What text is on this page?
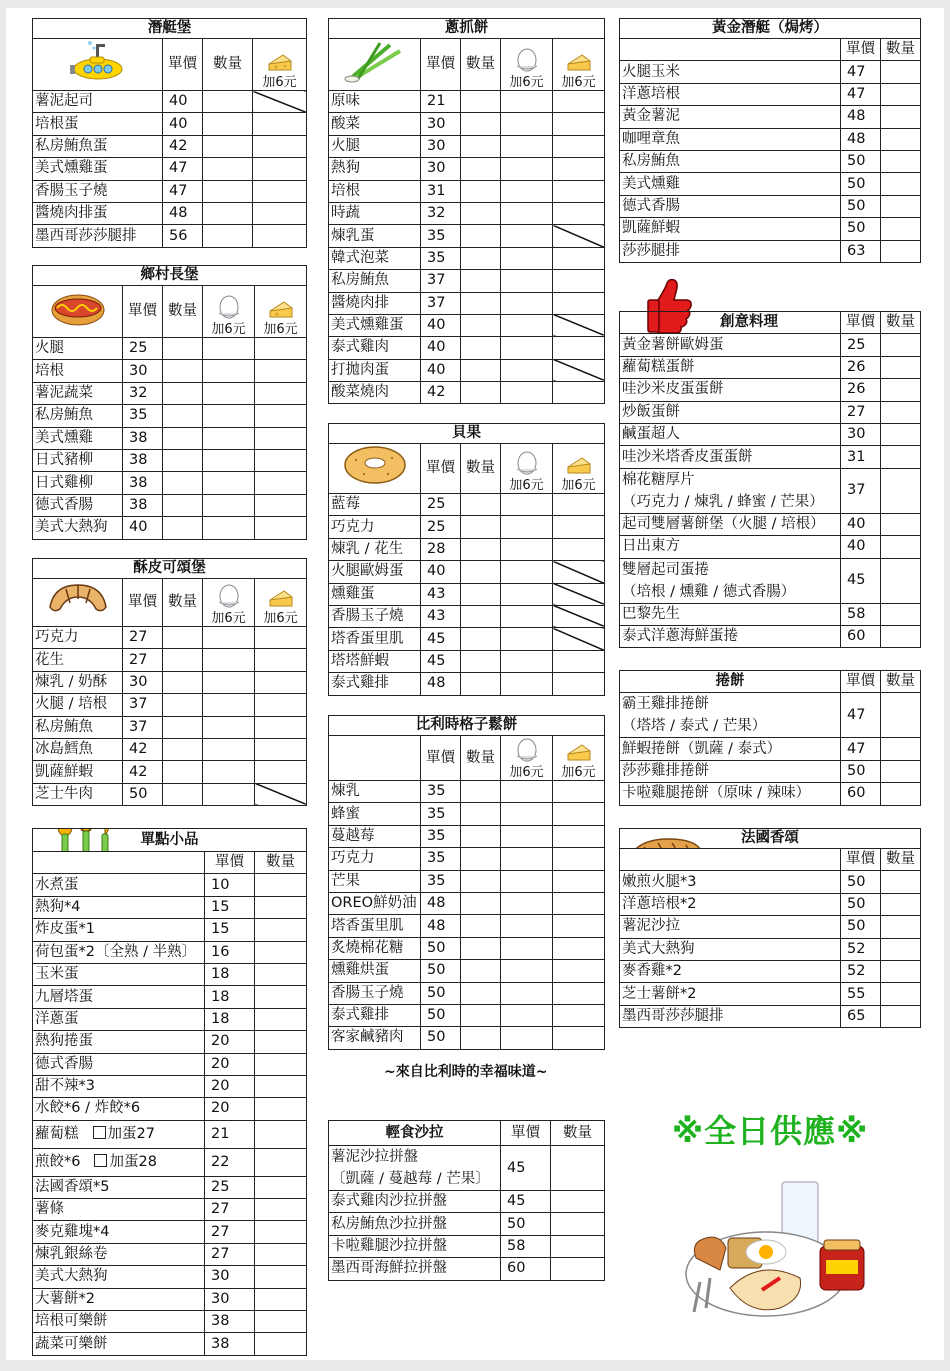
潛艇堡			
	單價	數量	加6元

薯泥起司	40		
培根蛋	40		
私房鮪魚蛋	42		
美式燻雞蛋	47		
香腸玉子燒	47		
醬燒肉排蛋	48		
墨西哥莎莎腿排	56		
鄉村長堡				
	單價	數量	加6元	加6元

火腿	25			
培根	30			
薯泥蔬菜	32			
私房鮪魚	35			
美式燻雞	38			
日式豬柳	38			
日式雞柳	38			
德式香腸	38			
美式大熱狗	40			
酥皮可頌堡				
	單價	數量	加6元	加6元

巧克力	27			
花生	27			
煉乳 / 奶酥	30			
火腿 / 培根	37			
私房鮪魚	37			
冰島鱈魚	42			
凱薩鮮蝦	42			
芝士牛肉	50			
單點小品		
	單價	數量
水煮蛋	10	
熱狗*4	15	
炸皮蛋*1	15	
荷包蛋*2〔全熟 / 半熟〕	16	
玉米蛋	18	
九層塔蛋	18	
洋蔥蛋	18	
熱狗捲蛋	20	
德式香腸	20	
甜不辣*3	20	
水餃*6 / 炸餃*6	20	
蘿蔔糕 加蛋27	21	
煎餃*6 加蛋28	22	
法國香頌*5	25	
薯條	27	
麥克雞塊*4	27	
煉乳銀絲卷	27	
美式大熱狗	30	
大薯餅*2	30	
培根可樂餅	38	
蔬菜可樂餅	38	
蔥抓餅				
	單價	數量	加6元	加6元

原味	21			
酸菜	30			
火腿	30			
熱狗	30			
培根	31			
時蔬	32			
煉乳蛋	35			
韓式泡菜	35			
私房鮪魚	37			
醬燒肉排	37			
美式燻雞蛋	40			
泰式雞肉	40			
打拋肉蛋	40			
酸菜燒肉	42			
貝果				
	單價	數量	加6元	加6元

藍莓	25			
巧克力	25			
煉乳 / 花生	28			
火腿歐姆蛋	40			
燻雞蛋	43			
香腸玉子燒	43			
塔香蛋里肌	45			
塔塔鮮蝦	45			
泰式雞排	48			
比利時格子鬆餅				
	單價	數量	加6元	加6元

煉乳	35			
蜂蜜	35			
蔓越莓	35			
巧克力	35			
芒果	35			
OREO鮮奶油	48			
塔香蛋里肌	48			
炙燒棉花糖	50			
燻雞烘蛋	50			
香腸玉子燒	50			
泰式雞排	50			
客家鹹豬肉	50			
~來自比利時的幸福味道~
輕食沙拉	單價	數量

薯泥沙拉拼盤
〔凱薩 / 蔓越莓 / 芒果〕	45	
泰式雞肉沙拉拼盤	45	
私房鮪魚沙拉拼盤	50	
卡啦雞腿沙拉拼盤	58	
墨西哥海鮮拉拼盤	60	
黃金潛艇（焗烤）		
	單價	數量
火腿玉米	47	
洋蔥培根	47	
黃金薯泥	48	
咖哩章魚	48	
私房鮪魚	50	
美式燻雞	50	
德式香腸	50	
凱薩鮮蝦	50	
莎莎腿排	63	
創意料理	單價	數量
黃金薯餅歐姆蛋	25	
蘿蔔糕蛋餅	26	
哇沙米皮蛋蛋餅	26	
炒飯蛋餅	27	
鹹蛋超人	30	
哇沙米塔香皮蛋蛋餅	31	

棉花糖厚片
（巧克力 / 煉乳 / 蜂蜜 / 芒果）	37	
起司雙層薯餅堡（火腿 / 培根）	40	
日出東方	40	

雙層起司蛋捲
（培根 / 燻雞 / 德式香腸）	45	
巴黎先生	58	
泰式洋蔥海鮮蛋捲	60	
捲餅	單價	數量

霸王雞排捲餅
（塔塔 / 泰式 / 芒果）	47	
鮮蝦捲餅（凱薩 / 泰式）	47	
莎莎雞排捲餅	50	
卡啦雞腿捲餅（原味 / 辣味）	60	
法國香頌		
	單價	數量
嫩煎火腿*3	50	
洋蔥培根*2	50	
薯泥沙拉	50	
美式大熱狗	52	
麥香雞*2	52	
芝士薯餅*2	55	
墨西哥莎莎腿排	65	
※全日供應※
